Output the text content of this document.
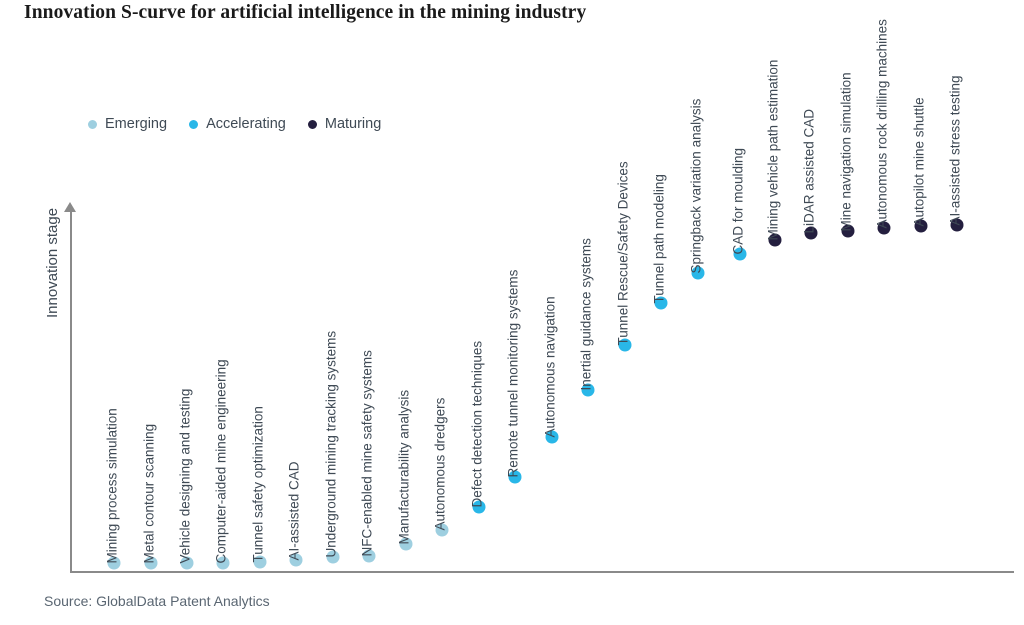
Innovation S-curve for artificial intelligence in the mining industry
Emerging	Accelerating	Maturing
Innovation stage
Mining process simulation Metal contour scanning Vehicle designing and testing Computer-aided mine engineering Tunnel safety optimization AI-assisted CAD Underground mining tracking systems NFC-enabled mine safety systems Manufacturability analysis Autonomous dredgers Defect detection techniques Remote tunnel monitoring systems Autonomous navigation Inertial guidance systems Tunnel Rescue/Safety Devices Tunnel path modeling Springback variation analysis CAD for moulding Mining vehicle path estimation LiDAR assisted CAD Mine navigation simulation Autonomous rock drilling machines Autopilot mine shuttle AI-assisted stress testing
Source: GlobalData Patent Analytics
